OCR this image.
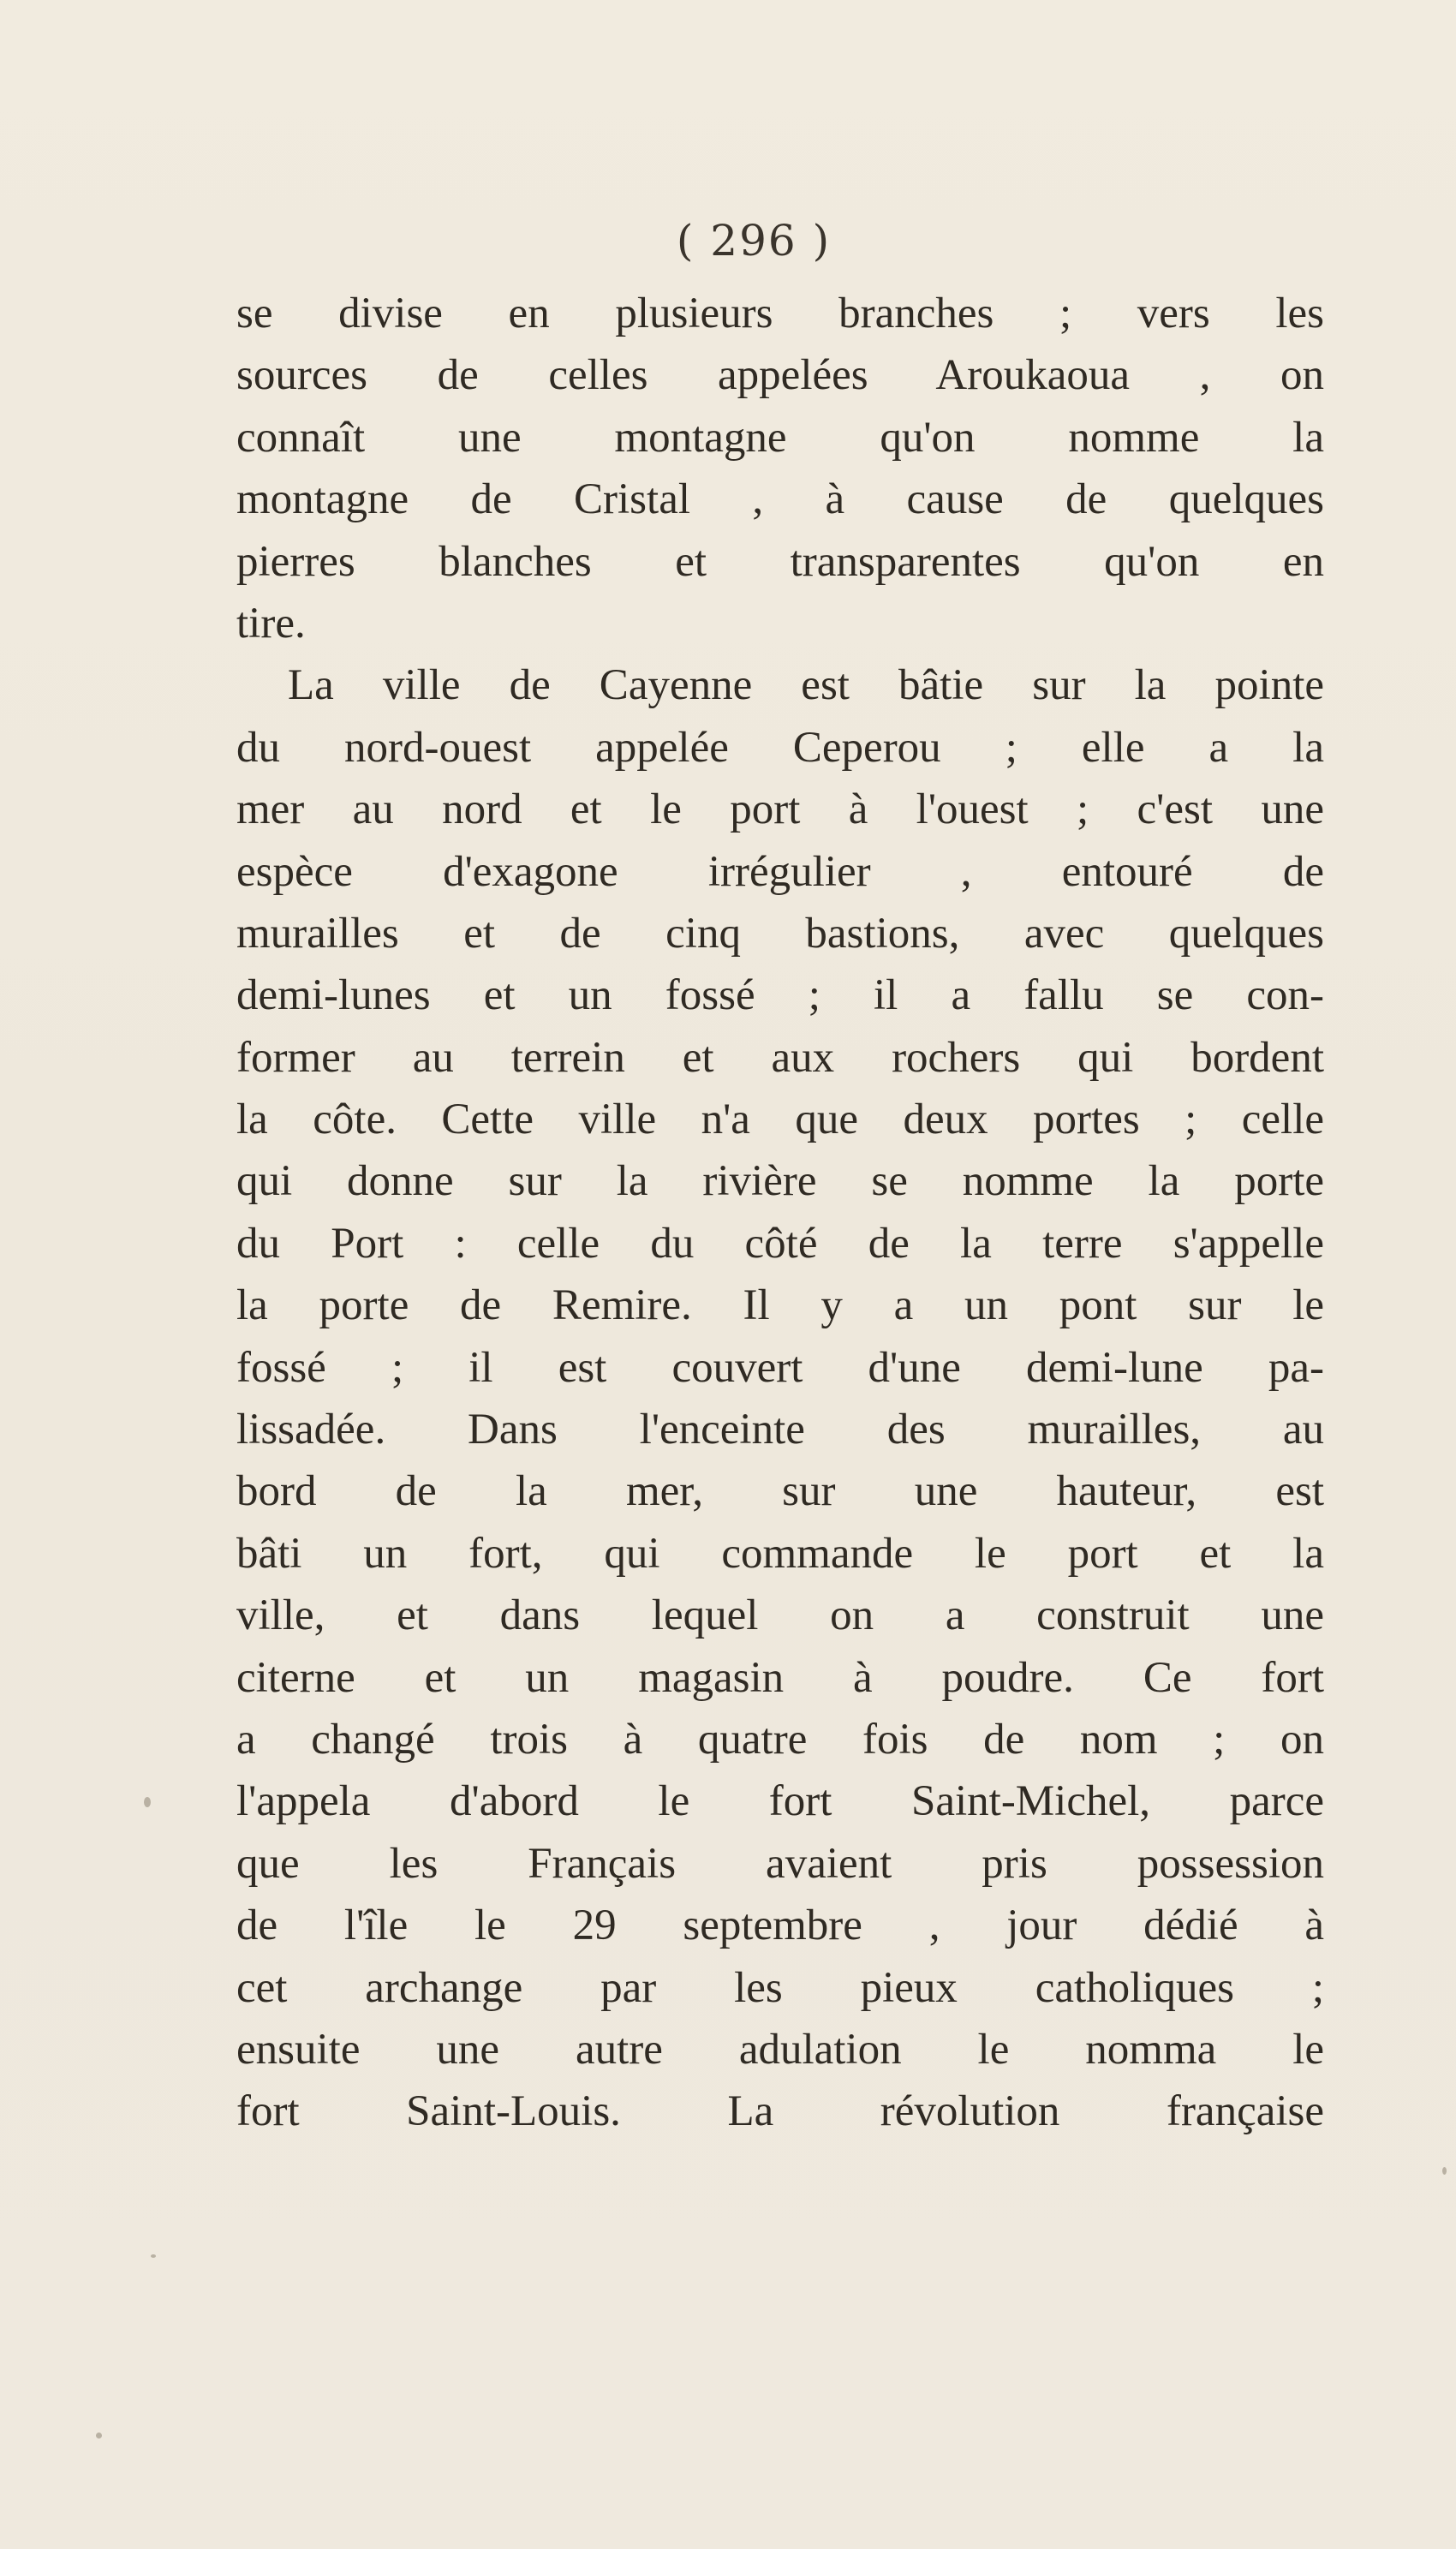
( 296 )
se divise en plusieurs branches ; vers les
sources de celles appelées Aroukaoua , on
connaît une montagne qu'on nomme la
montagne de Cristal , à cause de quelques
pierres blanches et transparentes qu'on en
tire.
La ville de Cayenne est bâtie sur la pointe
du nord-ouest appelée Ceperou ; elle a la
mer au nord et le port à l'ouest ; c'est une
espèce d'exagone irrégulier , entouré de
murailles et de cinq bastions, avec quelques
demi-lunes et un fossé ; il a fallu se con-
former au terrein et aux rochers qui bordent
la côte. Cette ville n'a que deux portes ; celle
qui donne sur la rivière se nomme la porte
du Port : celle du côté de la terre s'appelle
la porte de Remire. Il y a un pont sur le
fossé ; il est couvert d'une demi-lune pa-
lissadée. Dans l'enceinte des murailles, au
bord de la mer, sur une hauteur, est
bâti un fort, qui commande le port et la
ville, et dans lequel on a construit une
citerne et un magasin à poudre. Ce fort
a changé trois à quatre fois de nom ; on
l'appela d'abord le fort Saint-Michel, parce
que les Français avaient pris possession
de l'île le 29 septembre , jour dédié à
cet archange par les pieux catholiques ;
ensuite une autre adulation le nomma le
fort Saint-Louis. La révolution française
